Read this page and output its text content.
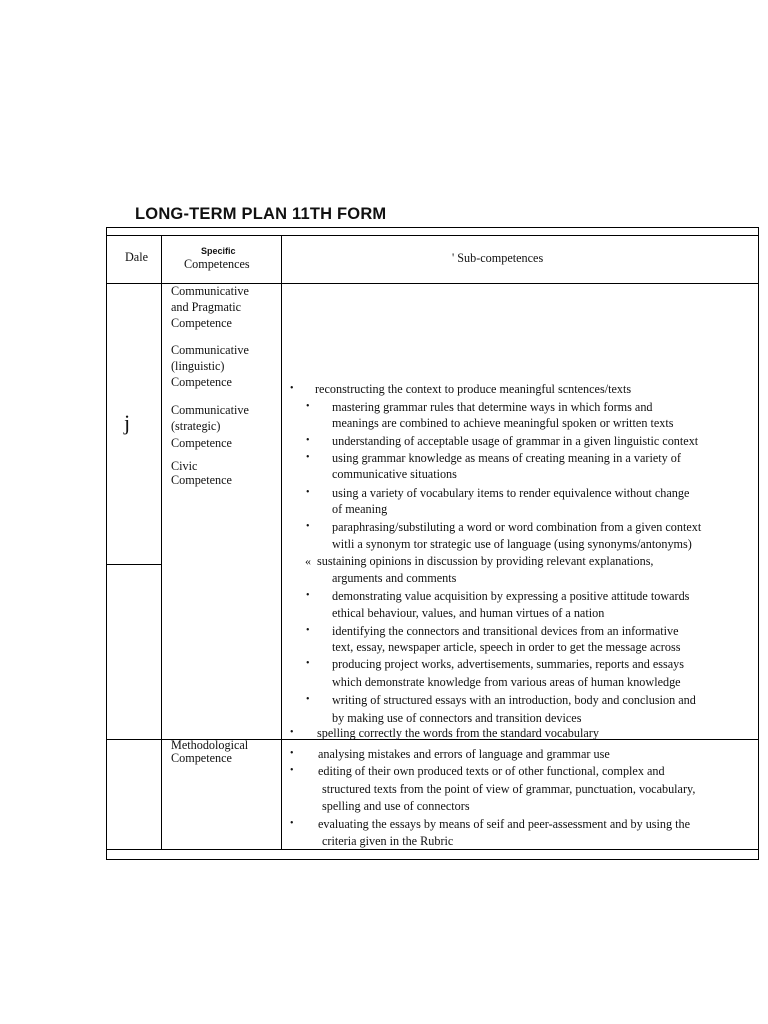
LONG-TERM PLAN 11TH FORM
Dale	Specific
Competences	' Sub-competences
j
Communicative
and Pragmatic
Competence
Communicative
(linguistic)
Competence
Communicative
(strategic)
Competence
Civic
Competence
Methodological
Competence
• reconstructing the context to produce meaningful scntences/texts
• mastering grammar rules that determine ways in which forms and
meanings are combined to achieve meaningful spoken or written texts
• understanding of acceptable usage of grammar in a given linguistic context
• using grammar knowledge as means of creating meaning in a variety of
communicative situations
• using a variety of vocabulary items to render equivalence without change
of meaning
• paraphrasing/substiluting a word or word combination from a given context
witli a synonym tor strategic use of language (using synonyms/antonyms)
« sustaining opinions in discussion by providing relevant explanations,
arguments and comments
• demonstrating value acquisition by expressing a positive attitude towards
ethical behaviour, values, and human virtues of a nation
• identifying the connectors and transitional devices from an informative
text, essay, newspaper article, speech in order to get the message across
• producing project works, advertisements, summaries, reports and essays
which demonstrate knowledge from various areas of human knowledge
• writing of structured essays with an introduction, body and conclusion and
by making use of connectors and transition devices
• spelling correctly the words from the standard vocabulary
• analysing mistakes and errors of language and grammar use
• editing of their own produced texts or of other functional, complex and
structured texts from the point of view of grammar, punctuation, vocabulary,
spelling and use of connectors
• evaluating the essays by means of seif and peer-assessment and by using the
criteria given in the Rubric
